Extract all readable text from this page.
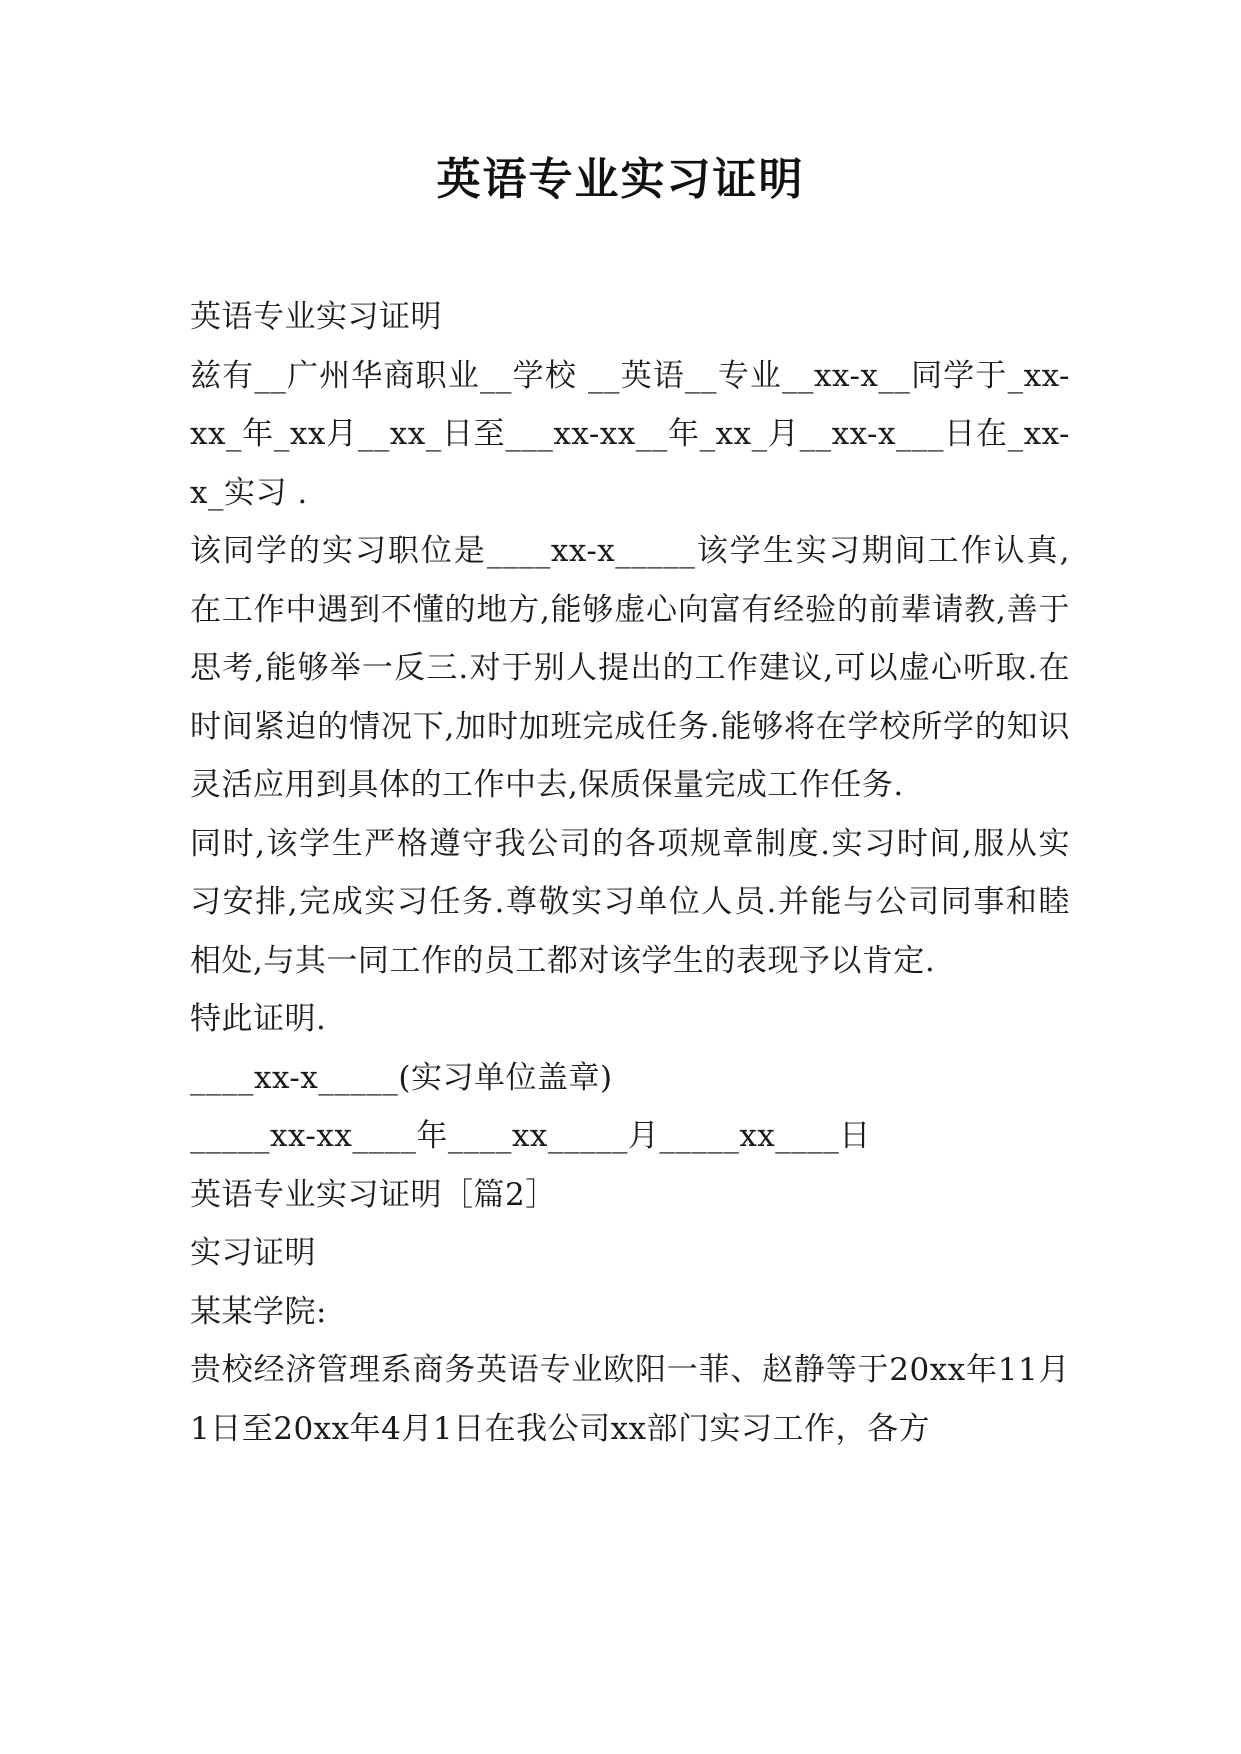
英语专业实习证明

英语专业实习证明

兹有__广州华商职业__学校 __英语__专业__xx-x__同学于_xx-xx_年_xx月__xx_日至___xx-xx__年_xx_月__xx-x___日在_xx-x_实习 .

该同学的实习职位是____xx-x_____该学生实习期间工作认真,在工作中遇到不懂的地方,能够虚心向富有经验的前辈请教,善于思考,能够举一反三.对于别人提出的工作建议,可以虚心听取.在时间紧迫的情况下,加时加班完成任务.能够将在学校所学的知识灵活应用到具体的工作中去,保质保量完成工作任务.

同时,该学生严格遵守我公司的各项规章制度.实习时间,服从实习安排,完成实习任务.尊敬实习单位人员.并能与公司同事和睦相处,与其一同工作的员工都对该学生的表现予以肯定.

特此证明.

____xx-x_____(实习单位盖章)

_____xx-xx____年____xx_____月_____xx____日

英语专业实习证明［篇2］

实习证明

某某学院:

贵校经济管理系商务英语专业欧阳一菲、赵静等于20xx年11月1日至20xx年4月1日在我公司xx部门实习工作，各方
